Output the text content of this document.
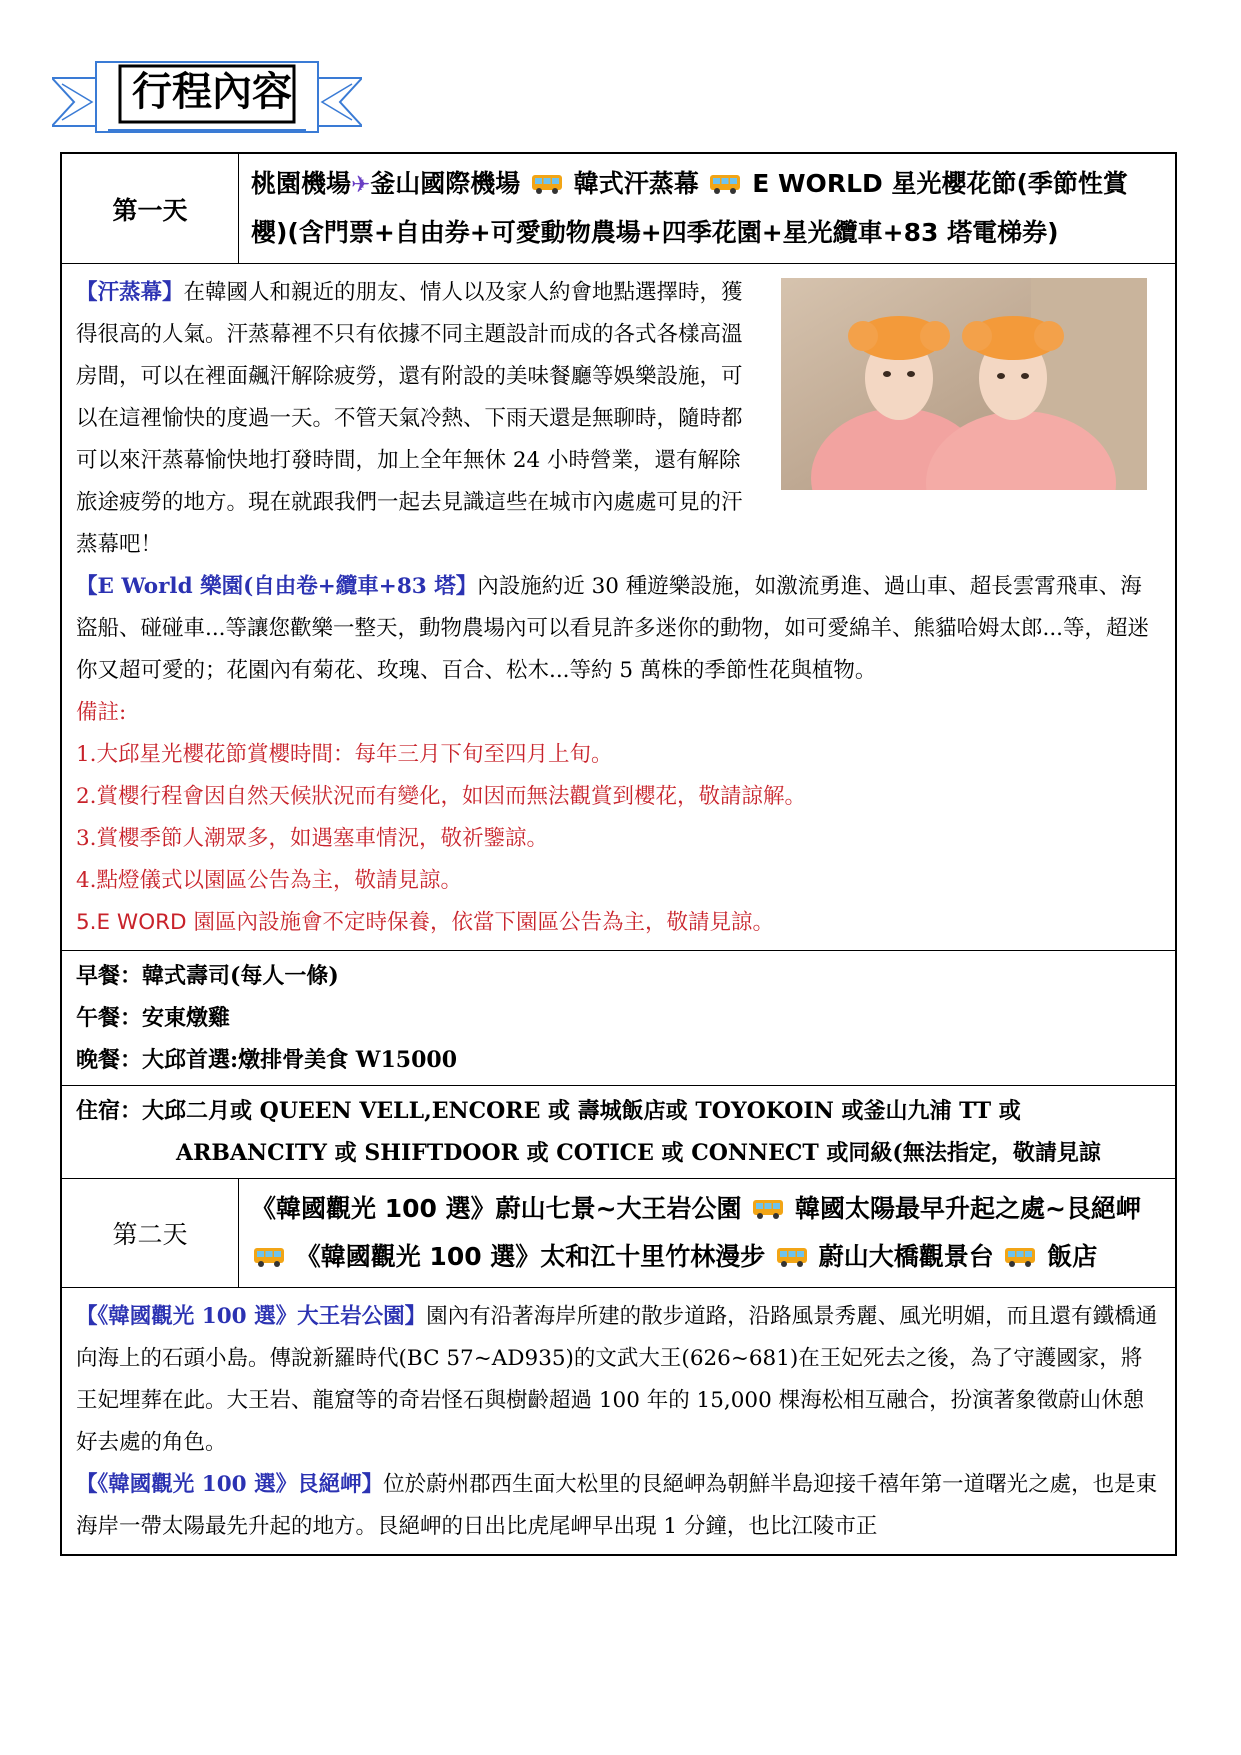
行程內容
第一天
桃園機場✈釜山國際機場 韓式汗蒸幕 E WORLD 星光櫻花節(季節性賞櫻)(含門票+自由券+可愛動物農場+四季花園+星光纜車+83 塔電梯券)
【汗蒸幕】在韓國人和親近的朋友、情人以及家人約會地點選擇時，獲得很高的人氣。汗蒸幕裡不只有依據不同主題設計而成的各式各樣高溫房間，可以在裡面飆汗解除疲勞，還有附設的美味餐廳等娛樂設施，可以在這裡愉快的度過一天。不管天氣冷熱、下雨天還是無聊時，隨時都可以來汗蒸幕愉快地打發時間，加上全年無休 24 小時營業，還有解除旅途疲勞的地方。現在就跟我們一起去見識這些在城市內處處可見的汗蒸幕吧！
【E World 樂園(自由卷+纜車+83 塔】內設施約近 30 種遊樂設施，如激流勇進、過山車、超長雲霄飛車、海盜船、碰碰車...等讓您歡樂一整天，動物農場內可以看見許多迷你的動物，如可愛綿羊、熊貓哈姆太郎...等，超迷你又超可愛的；花園內有菊花、玫瑰、百合、松木...等約 5 萬株的季節性花與植物。
備註:
1.大邱星光櫻花節賞櫻時間：每年三月下旬至四月上旬。
2.賞櫻行程會因自然天候狀況而有變化，如因而無法觀賞到櫻花，敬請諒解。
3.賞櫻季節人潮眾多，如遇塞車情況，敬祈鑒諒。
4.點燈儀式以園區公告為主，敬請見諒。
5.E WORD 園區內設施會不定時保養，依當下園區公告為主，敬請見諒。
早餐：韓式壽司(每人一條)
午餐：安東燉雞
晚餐：大邱首選:燉排骨美食 W15000
住宿：大邱二月或 QUEEN VELL,ENCORE 或 壽城飯店或 TOYOKOIN 或釜山九浦 TT 或
ARBANCITY 或 SHIFTDOOR 或 COTICE 或 CONNECT 或同級(無法指定，敬請見諒
第二天
《韓國觀光 100 選》蔚山七景~大王岩公園 韓國太陽最早升起之處~艮絕岬  《韓國觀光 100 選》太和江十里竹林漫步 蔚山大橋觀景台 飯店
【《韓國觀光 100 選》大王岩公園】園內有沿著海岸所建的散步道路，沿路風景秀麗、風光明媚，而且還有鐵橋通向海上的石頭小島。傳說新羅時代(BC 57~AD935)的文武大王(626~681)在王妃死去之後，為了守護國家，將王妃埋葬在此。大王岩、龍窟等的奇岩怪石與樹齡超過 100 年的 15,000 棵海松相互融合，扮演著象徵蔚山休憩好去處的角色。
【《韓國觀光 100 選》艮絕岬】位於蔚州郡西生面大松里的艮絕岬為朝鮮半島迎接千禧年第一道曙光之處，也是東海岸一帶太陽最先升起的地方。艮絕岬的日出比虎尾岬早出現 1 分鐘，也比江陵市正
